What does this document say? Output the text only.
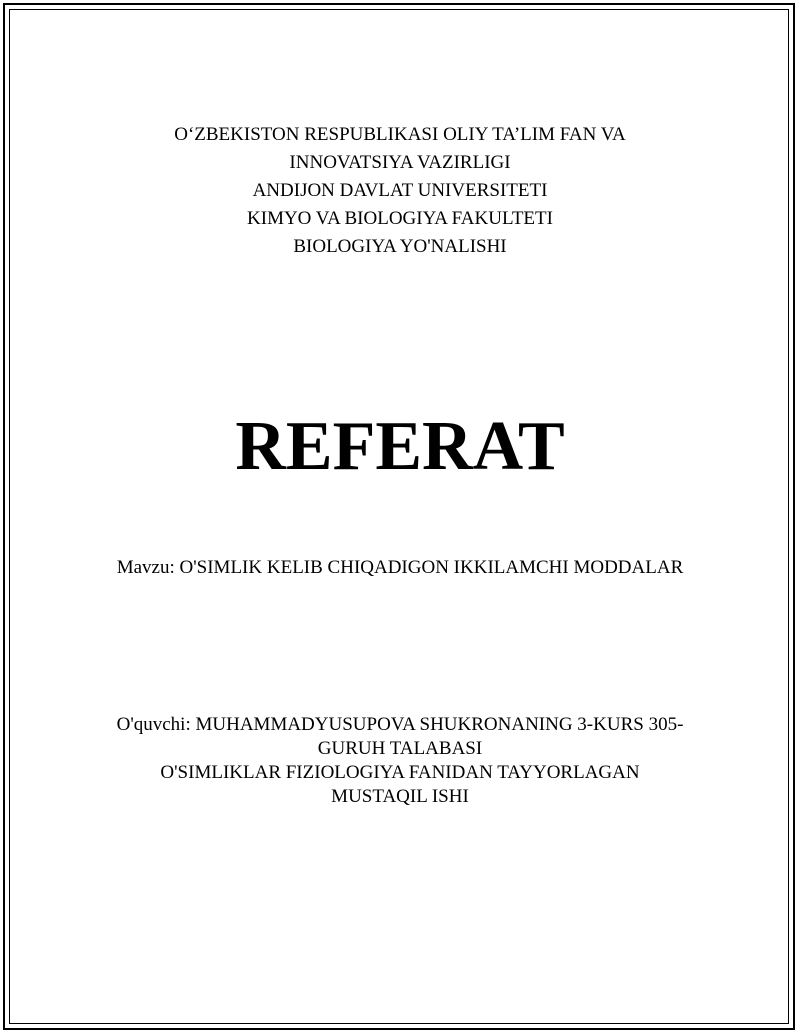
O‘ZBEKISTON RESPUBLIKASI OLIY TA’LIM FAN VA
INNOVATSIYA VAZIRLIGI
ANDIJON DAVLAT UNIVERSITETI
KIMYO VA BIOLOGIYA FAKULTETI
BIOLOGIYA YO'NALISHI
REFERAT
Mavzu: O'SIMLIK KELIB CHIQADIGON IKKILAMCHI MODDALAR
O'quvchi: MUHAMMADYUSUPOVA SHUKRONANING 3-KURS 305-
GURUH TALABASI
O'SIMLIKLAR FIZIOLOGIYA FANIDAN TAYYORLAGAN
MUSTAQIL ISHI
